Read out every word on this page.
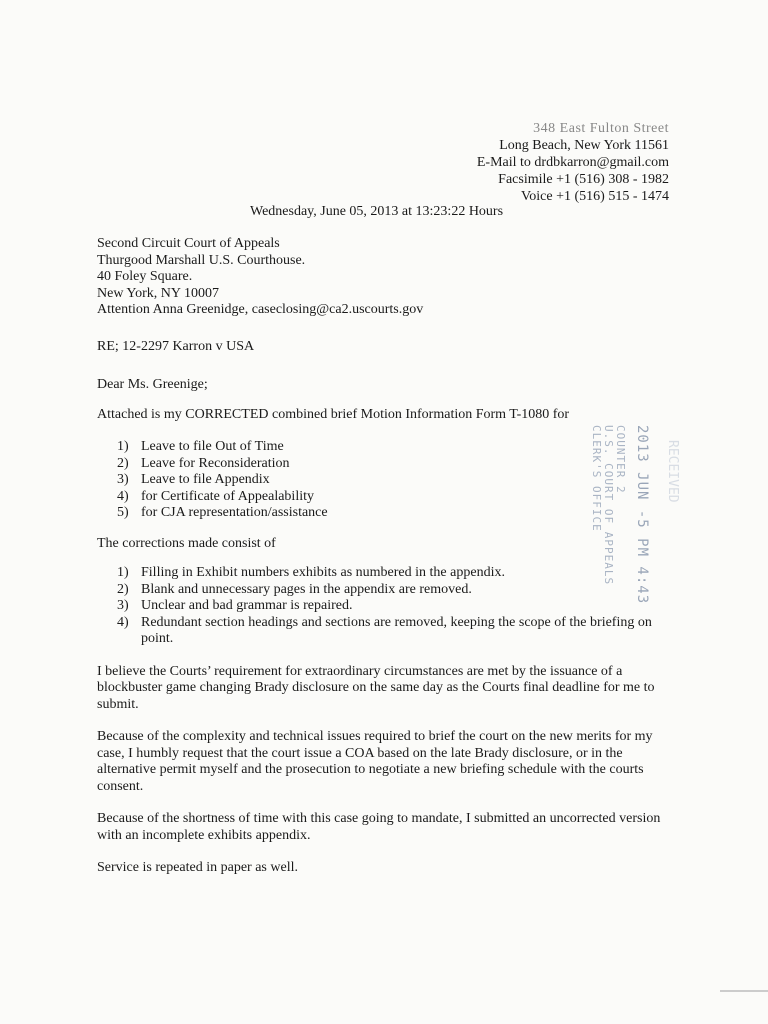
348 East Fulton Street
Long Beach, New York 11561
E-Mail to drdbkarron@gmail.com
Facsimile +1 (516) 308 - 1982
Voice +1 (516) 515 - 1474
Wednesday, June 05, 2013 at 13:23:22 Hours
Second Circuit Court of Appeals
Thurgood Marshall U.S. Courthouse.
40 Foley Square.
New York, NY 10007
Attention Anna Greenidge, caseclosing@ca2.uscourts.gov

RE; 12-2297 Karron v USA

Dear Ms. Greenige;

Attached is my CORRECTED combined brief Motion Information Form T-1080 for

1) Leave to file Out of Time
2) Leave for Reconsideration
3) Leave to file Appendix
4) for Certificate of Appealability
5) for CJA representation/assistance

The corrections made consist of

1) Filling in Exhibit numbers exhibits as numbered in the appendix.
2) Blank and unnecessary pages in the appendix are removed.
3) Unclear and bad grammar is repaired.
4) Redundant section headings and sections are removed, keeping the scope of the briefing on point.

I believe the Courts’ requirement for extraordinary circumstances are met by the issuance of a blockbuster game changing Brady disclosure on the same day as the Courts final deadline for me to submit.

Because of the complexity and technical issues required to brief the court on the new merits for my case, I humbly request that the court issue a COA based on the late Brady disclosure, or in the alternative permit myself and the prosecution to negotiate a new briefing schedule with the courts consent.

Because of the shortness of time with this case going to mandate, I submitted an uncorrected version with an incomplete exhibits appendix.

Service is repeated in paper as well.

CLERK'S OFFICE U.S. COURT OF APPEALS COUNTER 2 2013 JUN -5 PM 4:43 RECEIVED
